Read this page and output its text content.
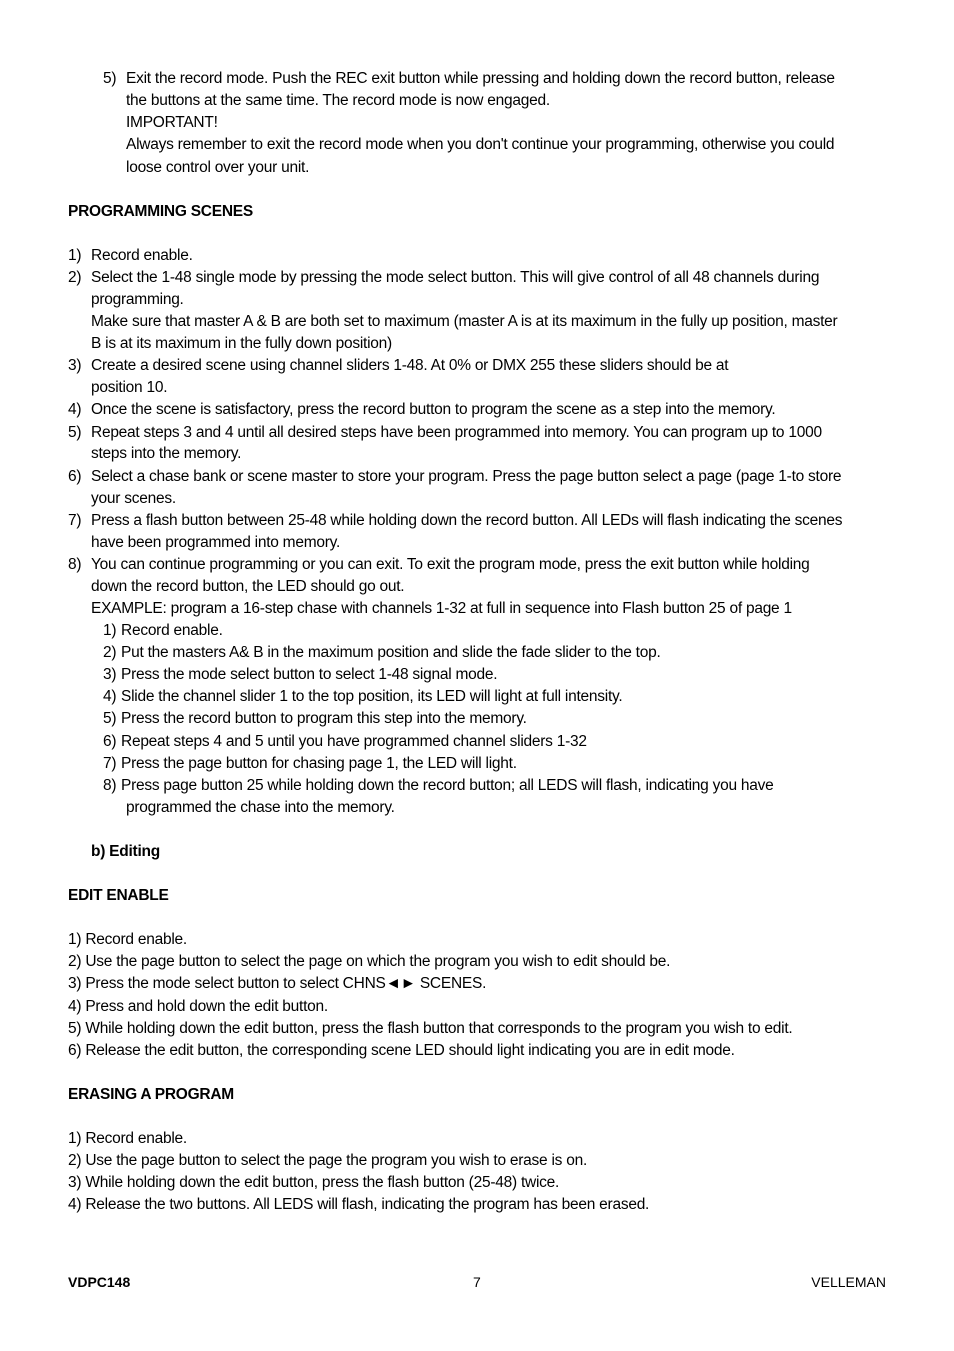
5) Exit the record mode. Push the REC exit button while pressing and holding down the record button, release
the buttons at the same time. The record mode is now engaged.
IMPORTANT!
Always remember to exit the record mode when you don't continue your programming, otherwise you could
loose control over your unit.
PROGRAMMING SCENES
1) Record enable.
2) Select the 1-48 single mode by pressing the mode select button. This will give control of all 48 channels during
programming.
Make sure that master A & B are both set to maximum (master A is at its maximum in the fully up position, master
B is at its maximum in the fully down position)
3) Create a desired scene using channel sliders 1-48. At 0% or DMX 255 these sliders should be at
position 10.
4) Once the scene is satisfactory, press the record button to program the scene as a step into the memory.
5) Repeat steps 3 and 4 until all desired steps have been programmed into memory. You can program up to 1000
steps into the memory.
6) Select a chase bank or scene master to store your program. Press the page button select a page (page 1-to store
your scenes.
7) Press a flash button between 25-48 while holding down the record button. All LEDs will flash indicating the scenes
have been programmed into memory.
8) You can continue programming or you can exit. To exit the program mode, press the exit button while holding
down the record button, the LED should go out.
EXAMPLE: program a 16-step chase with channels 1-32 at full in sequence into Flash button 25 of page 1
1) Record enable.
2) Put the masters A& B in the maximum position and slide the fade slider to the top.
3) Press the mode select button to select 1-48 signal mode.
4) Slide the channel slider 1 to the top position, its LED will light at full intensity.
5) Press the record button to program this step into the memory.
6) Repeat steps 4 and 5 until you have programmed channel sliders 1-32
7) Press the page button for chasing page 1, the LED will light.
8) Press page button 25 while holding down the record button; all LEDS will flash, indicating you have
programmed the chase into the memory.
b) Editing
EDIT ENABLE
1) Record enable.
2) Use the page button to select the page on which the program you wish to edit should be.
3) Press the mode select button to select CHNS◄► SCENES.
4) Press and hold down the edit button.
5) While holding down the edit button, press the flash button that corresponds to the program you wish to edit.
6) Release the edit button, the corresponding scene LED should light indicating you are in edit mode.
ERASING A PROGRAM
1) Record enable.
2) Use the page button to select the page the program you wish to erase is on.
3) While holding down the edit button, press the flash button (25-48) twice.
4) Release the two buttons. All LEDS will flash, indicating the program has been erased.
VDPC148	7	VELLEMAN
